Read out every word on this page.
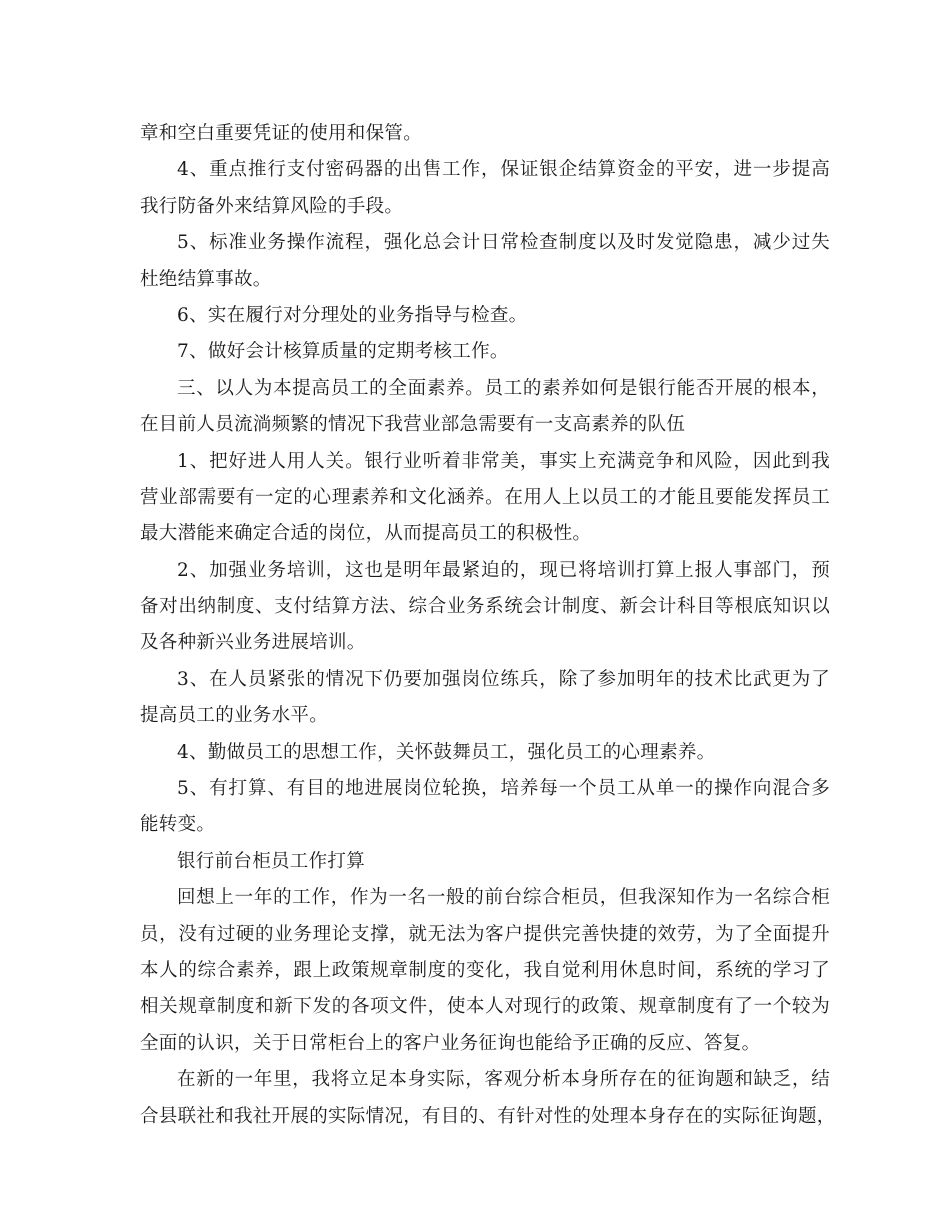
章和空白重要凭证的使用和保管。
4、重点推行支付密码器的出售工作，保证银企结算资金的平安，进一步提高
我行防备外来结算风险的手段。
5、标准业务操作流程，强化总会计日常检查制度以及时发觉隐患，减少过失
杜绝结算事故。
6、实在履行对分理处的业务指导与检查。
7、做好会计核算质量的定期考核工作。
三、以人为本提高员工的全面素养。员工的素养如何是银行能否开展的根本，
在目前人员流淌频繁的情况下我营业部急需要有一支高素养的队伍
1、把好进人用人关。银行业听着非常美，事实上充满竞争和风险，因此到我
营业部需要有一定的心理素养和文化涵养。在用人上以员工的才能且要能发挥员工
最大潜能来确定合适的岗位，从而提高员工的积极性。
2、加强业务培训，这也是明年最紧迫的，现已将培训打算上报人事部门，预
备对出纳制度、支付结算方法、综合业务系统会计制度、新会计科目等根底知识以
及各种新兴业务进展培训。
3、在人员紧张的情况下仍要加强岗位练兵，除了参加明年的技术比武更为了
提高员工的业务水平。
4、勤做员工的思想工作，关怀鼓舞员工，强化员工的心理素养。
5、有打算、有目的地进展岗位轮换，培养每一个员工从单一的操作向混合多
能转变。
银行前台柜员工作打算
回想上一年的工作，作为一名一般的前台综合柜员，但我深知作为一名综合柜
员，没有过硬的业务理论支撑，就无法为客户提供完善快捷的效劳，为了全面提升
本人的综合素养，跟上政策规章制度的变化，我自觉利用休息时间，系统的学习了
相关规章制度和新下发的各项文件，使本人对现行的政策、规章制度有了一个较为
全面的认识，关于日常柜台上的客户业务征询也能给予正确的反应、答复。
在新的一年里，我将立足本身实际，客观分析本身所存在的征询题和缺乏，结
合县联社和我社开展的实际情况，有目的、有针对性的处理本身存在的实际征询题，
